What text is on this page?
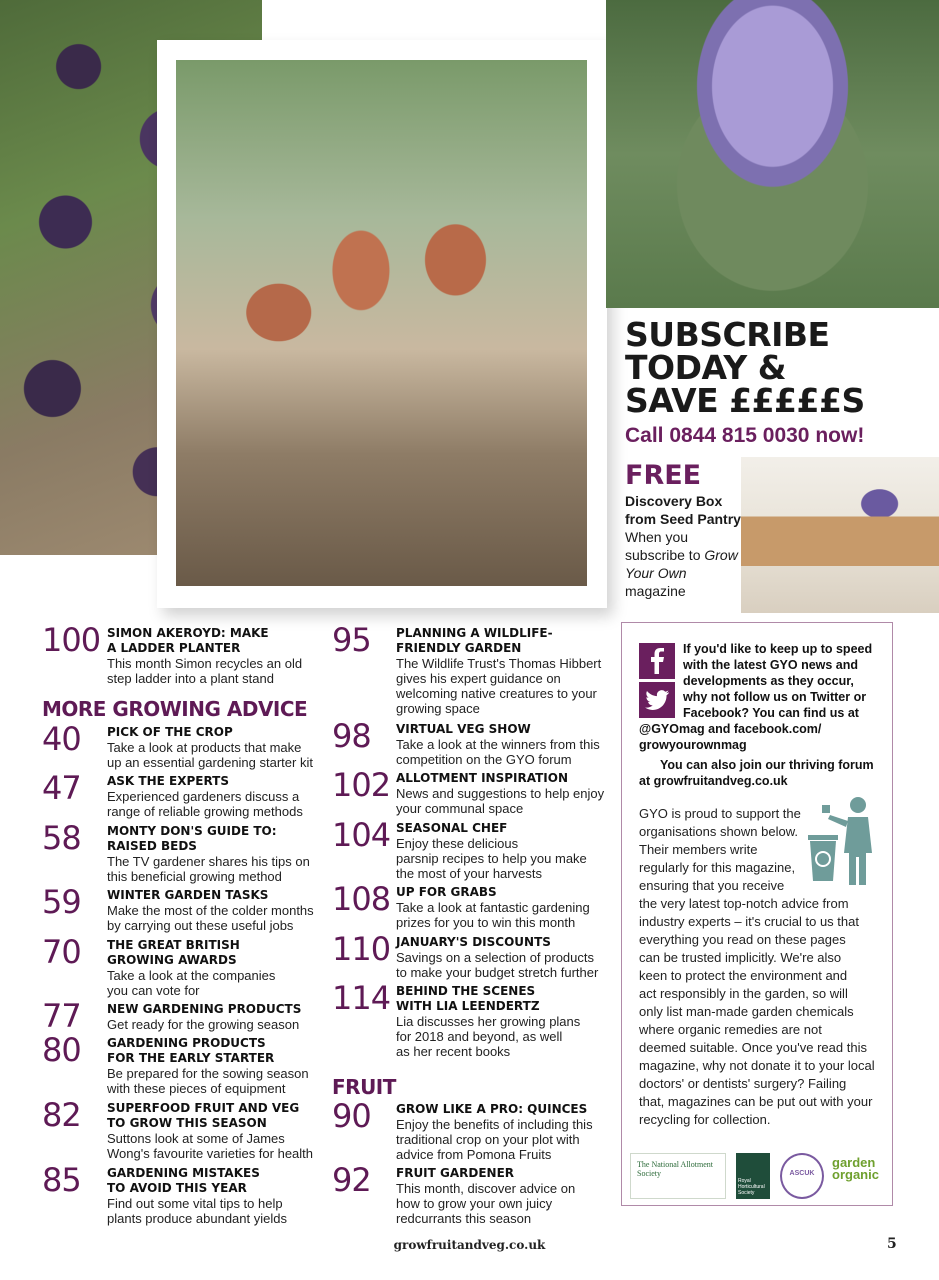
SUBSCRIBE
TODAY &
SAVE £££££S
Call 0844 815 0030 now!
FREE
Discovery Box
from Seed Pantry
When you subscribe to Grow Your Own magazine
100 SIMON AKEROYD: MAKE
A LADDER PLANTER
This month Simon recycles an old
step ladder into a plant stand
40 PICK OF THE CROP
Take a look at products that make
up an essential gardening starter kit
47 ASK THE EXPERTS
Experienced gardeners discuss a
range of reliable growing methods
58 MONTY DON'S GUIDE TO:
RAISED BEDS
The TV gardener shares his tips on
this beneficial growing method
59 WINTER GARDEN TASKS
Make the most of the colder months
by carrying out these useful jobs
70 THE GREAT BRITISH
GROWING AWARDS
Take a look at the companies
you can vote for
77 NEW GARDENING PRODUCTS
Get ready for the growing season
80 GARDENING PRODUCTS
FOR THE EARLY STARTER
Be prepared for the sowing season
with these pieces of equipment
82 SUPERFOOD FRUIT AND VEG
TO GROW THIS SEASON
Suttons look at some of James
Wong's favourite varieties for health
85 GARDENING MISTAKES
TO AVOID THIS YEAR
Find out some vital tips to help
plants produce abundant yields
95 PLANNING A WILDLIFE-
FRIENDLY GARDEN
The Wildlife Trust's Thomas Hibbert
gives his expert guidance on
welcoming native creatures to your
growing space
98 VIRTUAL VEG SHOW
Take a look at the winners from this
competition on the GYO forum
102 ALLOTMENT INSPIRATION
News and suggestions to help enjoy
your communal space
104 SEASONAL CHEF
Enjoy these delicious
parsnip recipes to help you make
the most of your harvests
108 UP FOR GRABS
Take a look at fantastic gardening
prizes for you to win this month
110 JANUARY'S DISCOUNTS
Savings on a selection of products
to make your budget stretch further
114 BEHIND THE SCENES
WITH LIA LEENDERTZ
Lia discusses her growing plans
for 2018 and beyond, as well
as her recent books
90 GROW LIKE A PRO: QUINCES
Enjoy the benefits of including this
traditional crop on your plot with
advice from Pomona Fruits
92 FRUIT GARDENER
This month, discover advice on
how to grow your own juicy
redcurrants this season
MORE GROWING ADVICE
FRUIT
If you'd like to keep up to speed
with the latest GYO news and
developments as they occur,
why not follow us on Twitter or
Facebook? You can find us at
@GYOmag and facebook.com/
growyourownmag
You can also join our thriving forum
at growfruitandveg.co.uk
GYO is proud to support the
organisations shown below.
Their members write
regularly for this magazine,
ensuring that you receive
the very latest top-notch advice from
industry experts – it's crucial to us that
everything you read on these pages
can be trusted implicitly. We're also
keen to protect the environment and
act responsibly in the garden, so will
only list man-made garden chemicals
where organic remedies are not
deemed suitable. Once you've read this
magazine, why not donate it to your local
doctors' or dentists' surgery? Failing
that, magazines can be put out with your
recycling for collection.
The National Allotment Society
Royal Horticultural Society
ASCUK
garden organic
growfruitandveg.co.uk	5
